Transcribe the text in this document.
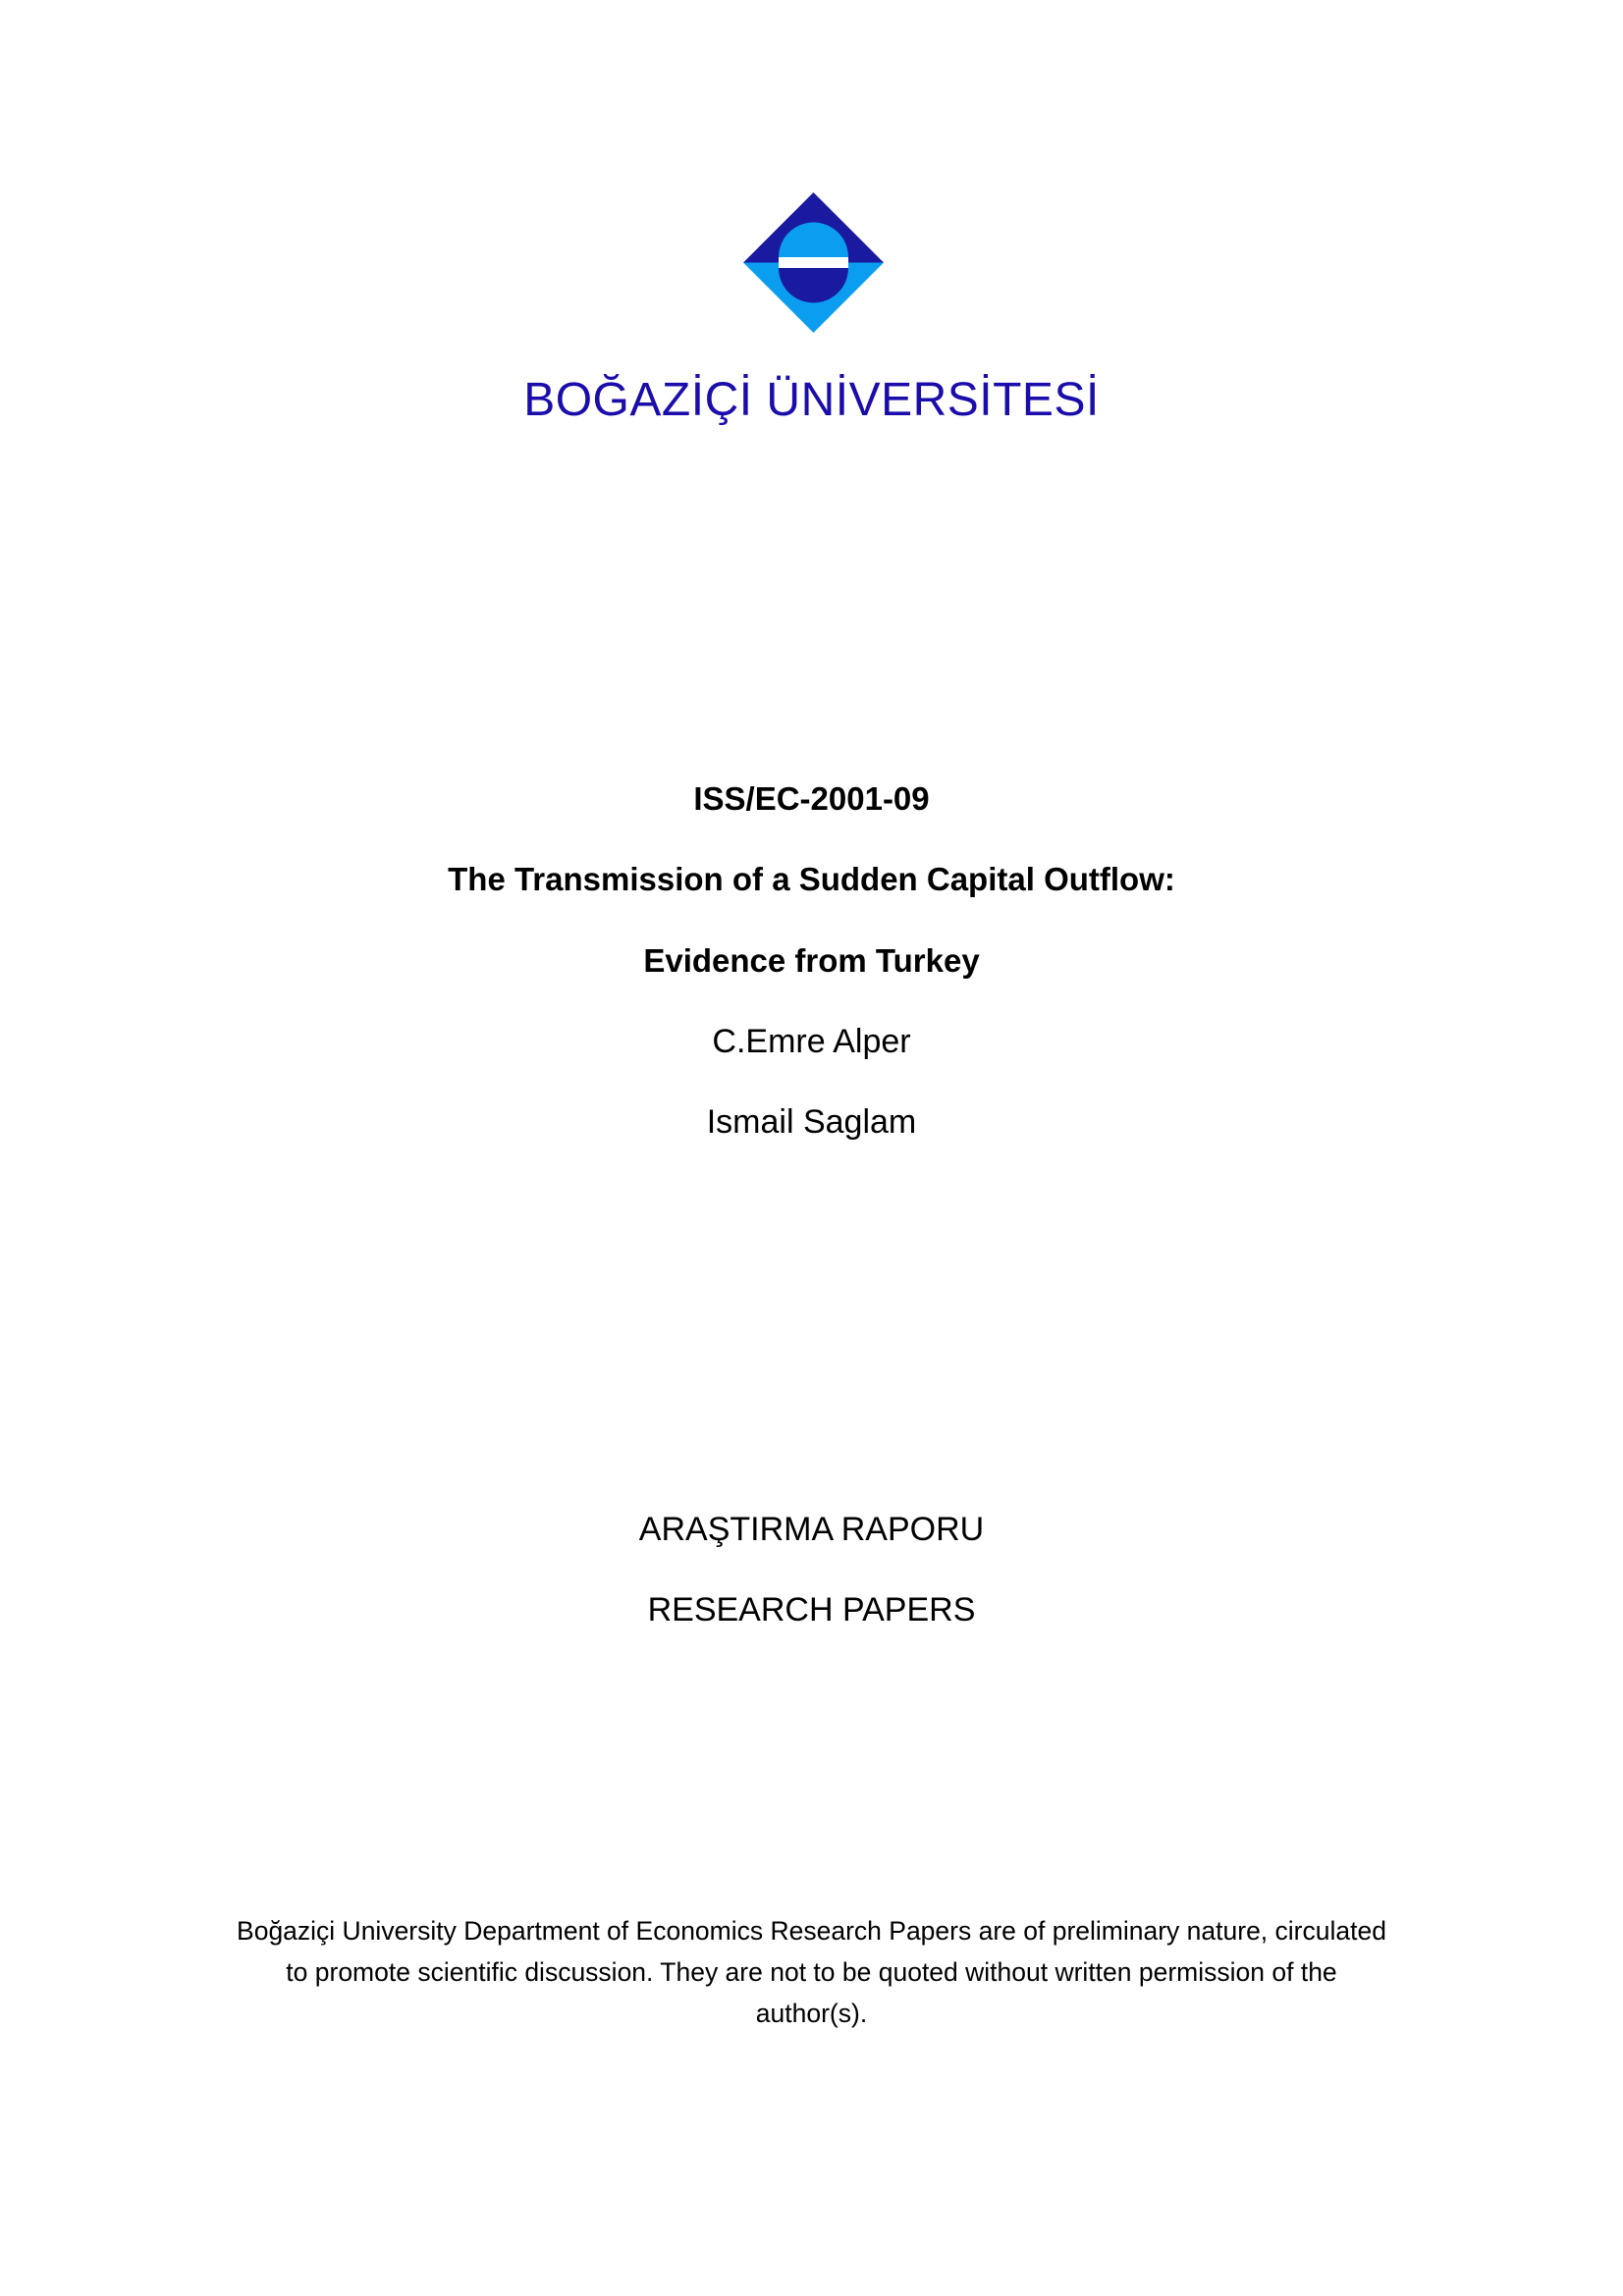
BOĞAZİÇİ ÜNİVERSİTESİ
ISS/EC-2001-09
The Transmission of a Sudden Capital Outflow:
Evidence from Turkey
C.Emre Alper
Ismail Saglam
ARAŞTIRMA RAPORU
RESEARCH PAPERS
Boğaziçi University Department of Economics Research Papers are of preliminary nature, circulated
to promote scientific discussion. They are not to be quoted without written permission of the
author(s).
